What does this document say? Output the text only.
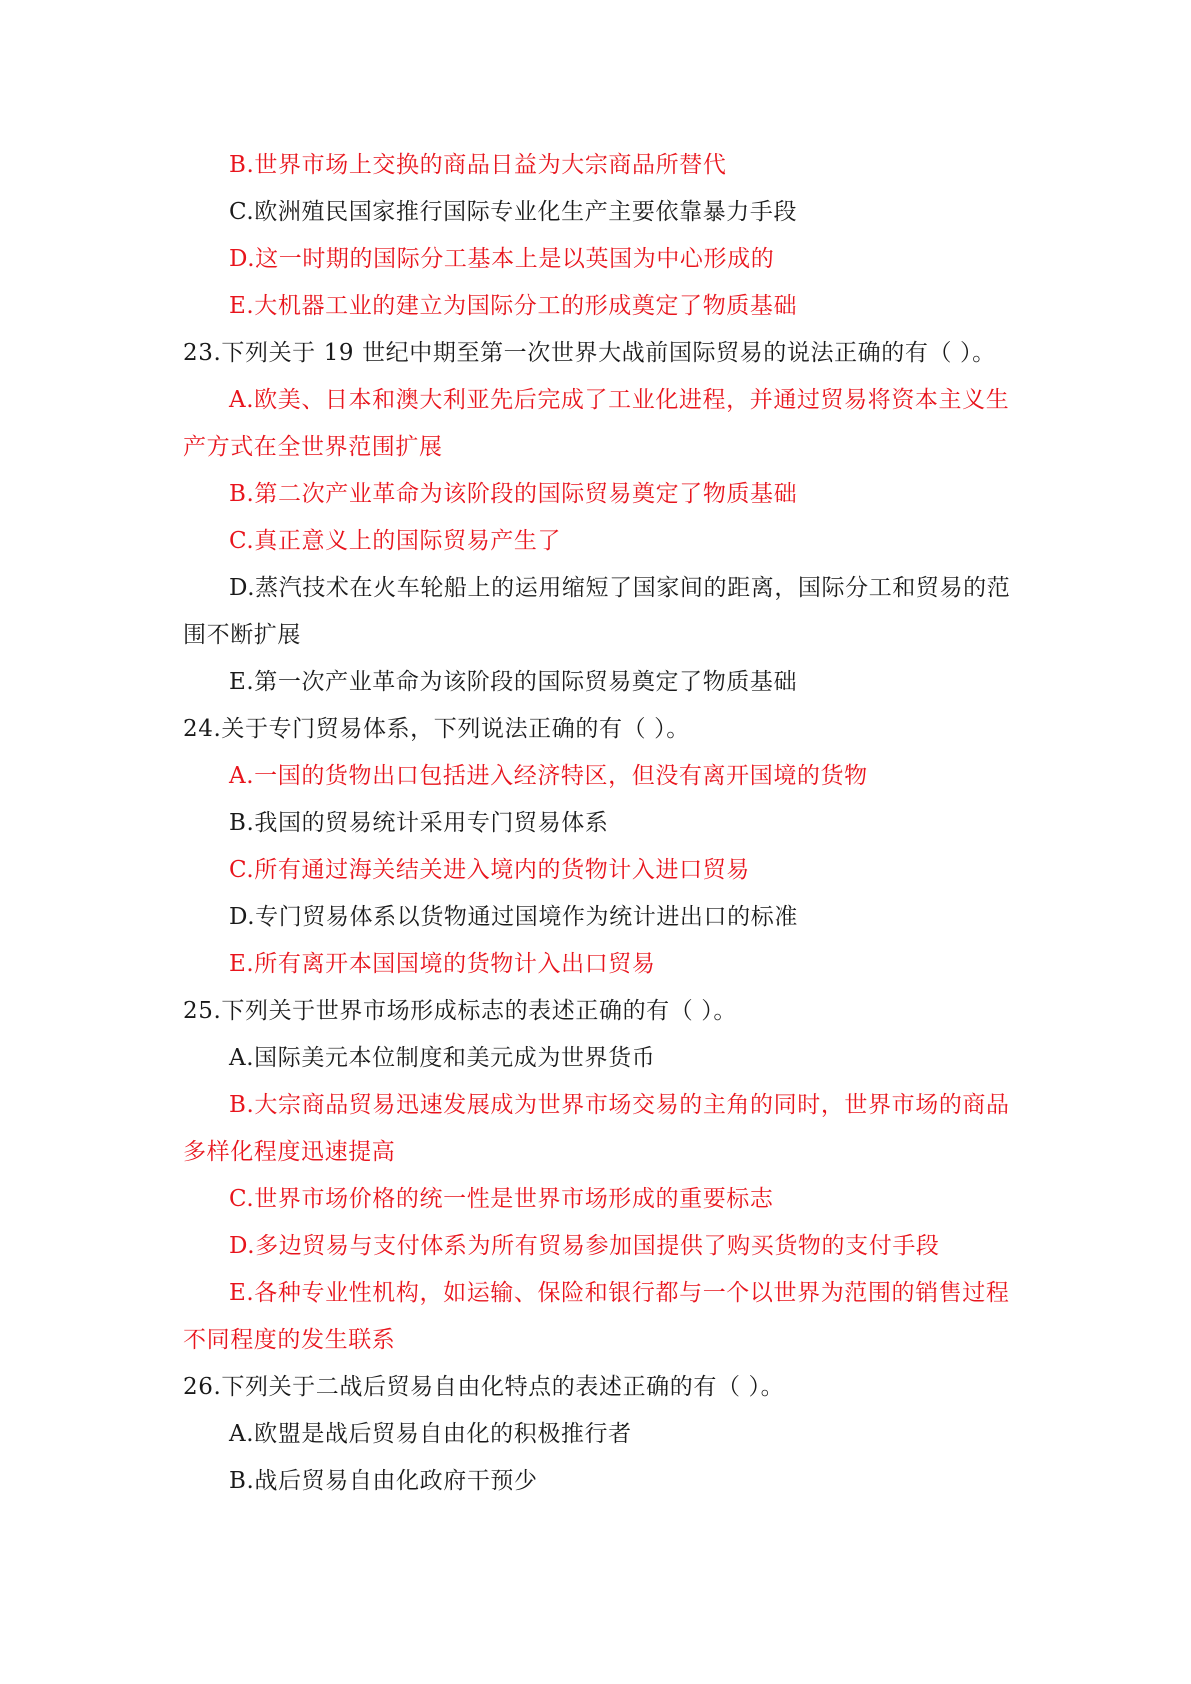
B.世界市场上交换的商品日益为大宗商品所替代
C.欧洲殖民国家推行国际专业化生产主要依靠暴力手段
D.这一时期的国际分工基本上是以英国为中心形成的
E.大机器工业的建立为国际分工的形成奠定了物质基础
23.下列关于 19 世纪中期至第一次世界大战前国际贸易的说法正确的有（ ）。
A.欧美、日本和澳大利亚先后完成了工业化进程，并通过贸易将资本主义生产方式在全世界范围扩展
B.第二次产业革命为该阶段的国际贸易奠定了物质基础
C.真正意义上的国际贸易产生了
D.蒸汽技术在火车轮船上的运用缩短了国家间的距离，国际分工和贸易的范围不断扩展
E.第一次产业革命为该阶段的国际贸易奠定了物质基础
24.关于专门贸易体系，下列说法正确的有（ ）。
A.一国的货物出口包括进入经济特区，但没有离开国境的货物
B.我国的贸易统计采用专门贸易体系
C.所有通过海关结关进入境内的货物计入进口贸易
D.专门贸易体系以货物通过国境作为统计进出口的标准
E.所有离开本国国境的货物计入出口贸易
25.下列关于世界市场形成标志的表述正确的有（ ）。
A.国际美元本位制度和美元成为世界货币
B.大宗商品贸易迅速发展成为世界市场交易的主角的同时，世界市场的商品多样化程度迅速提高
C.世界市场价格的统一性是世界市场形成的重要标志
D.多边贸易与支付体系为所有贸易参加国提供了购买货物的支付手段
E.各种专业性机构，如运输、保险和银行都与一个以世界为范围的销售过程不同程度的发生联系
26.下列关于二战后贸易自由化特点的表述正确的有（ ）。
A.欧盟是战后贸易自由化的积极推行者
B.战后贸易自由化政府干预少
